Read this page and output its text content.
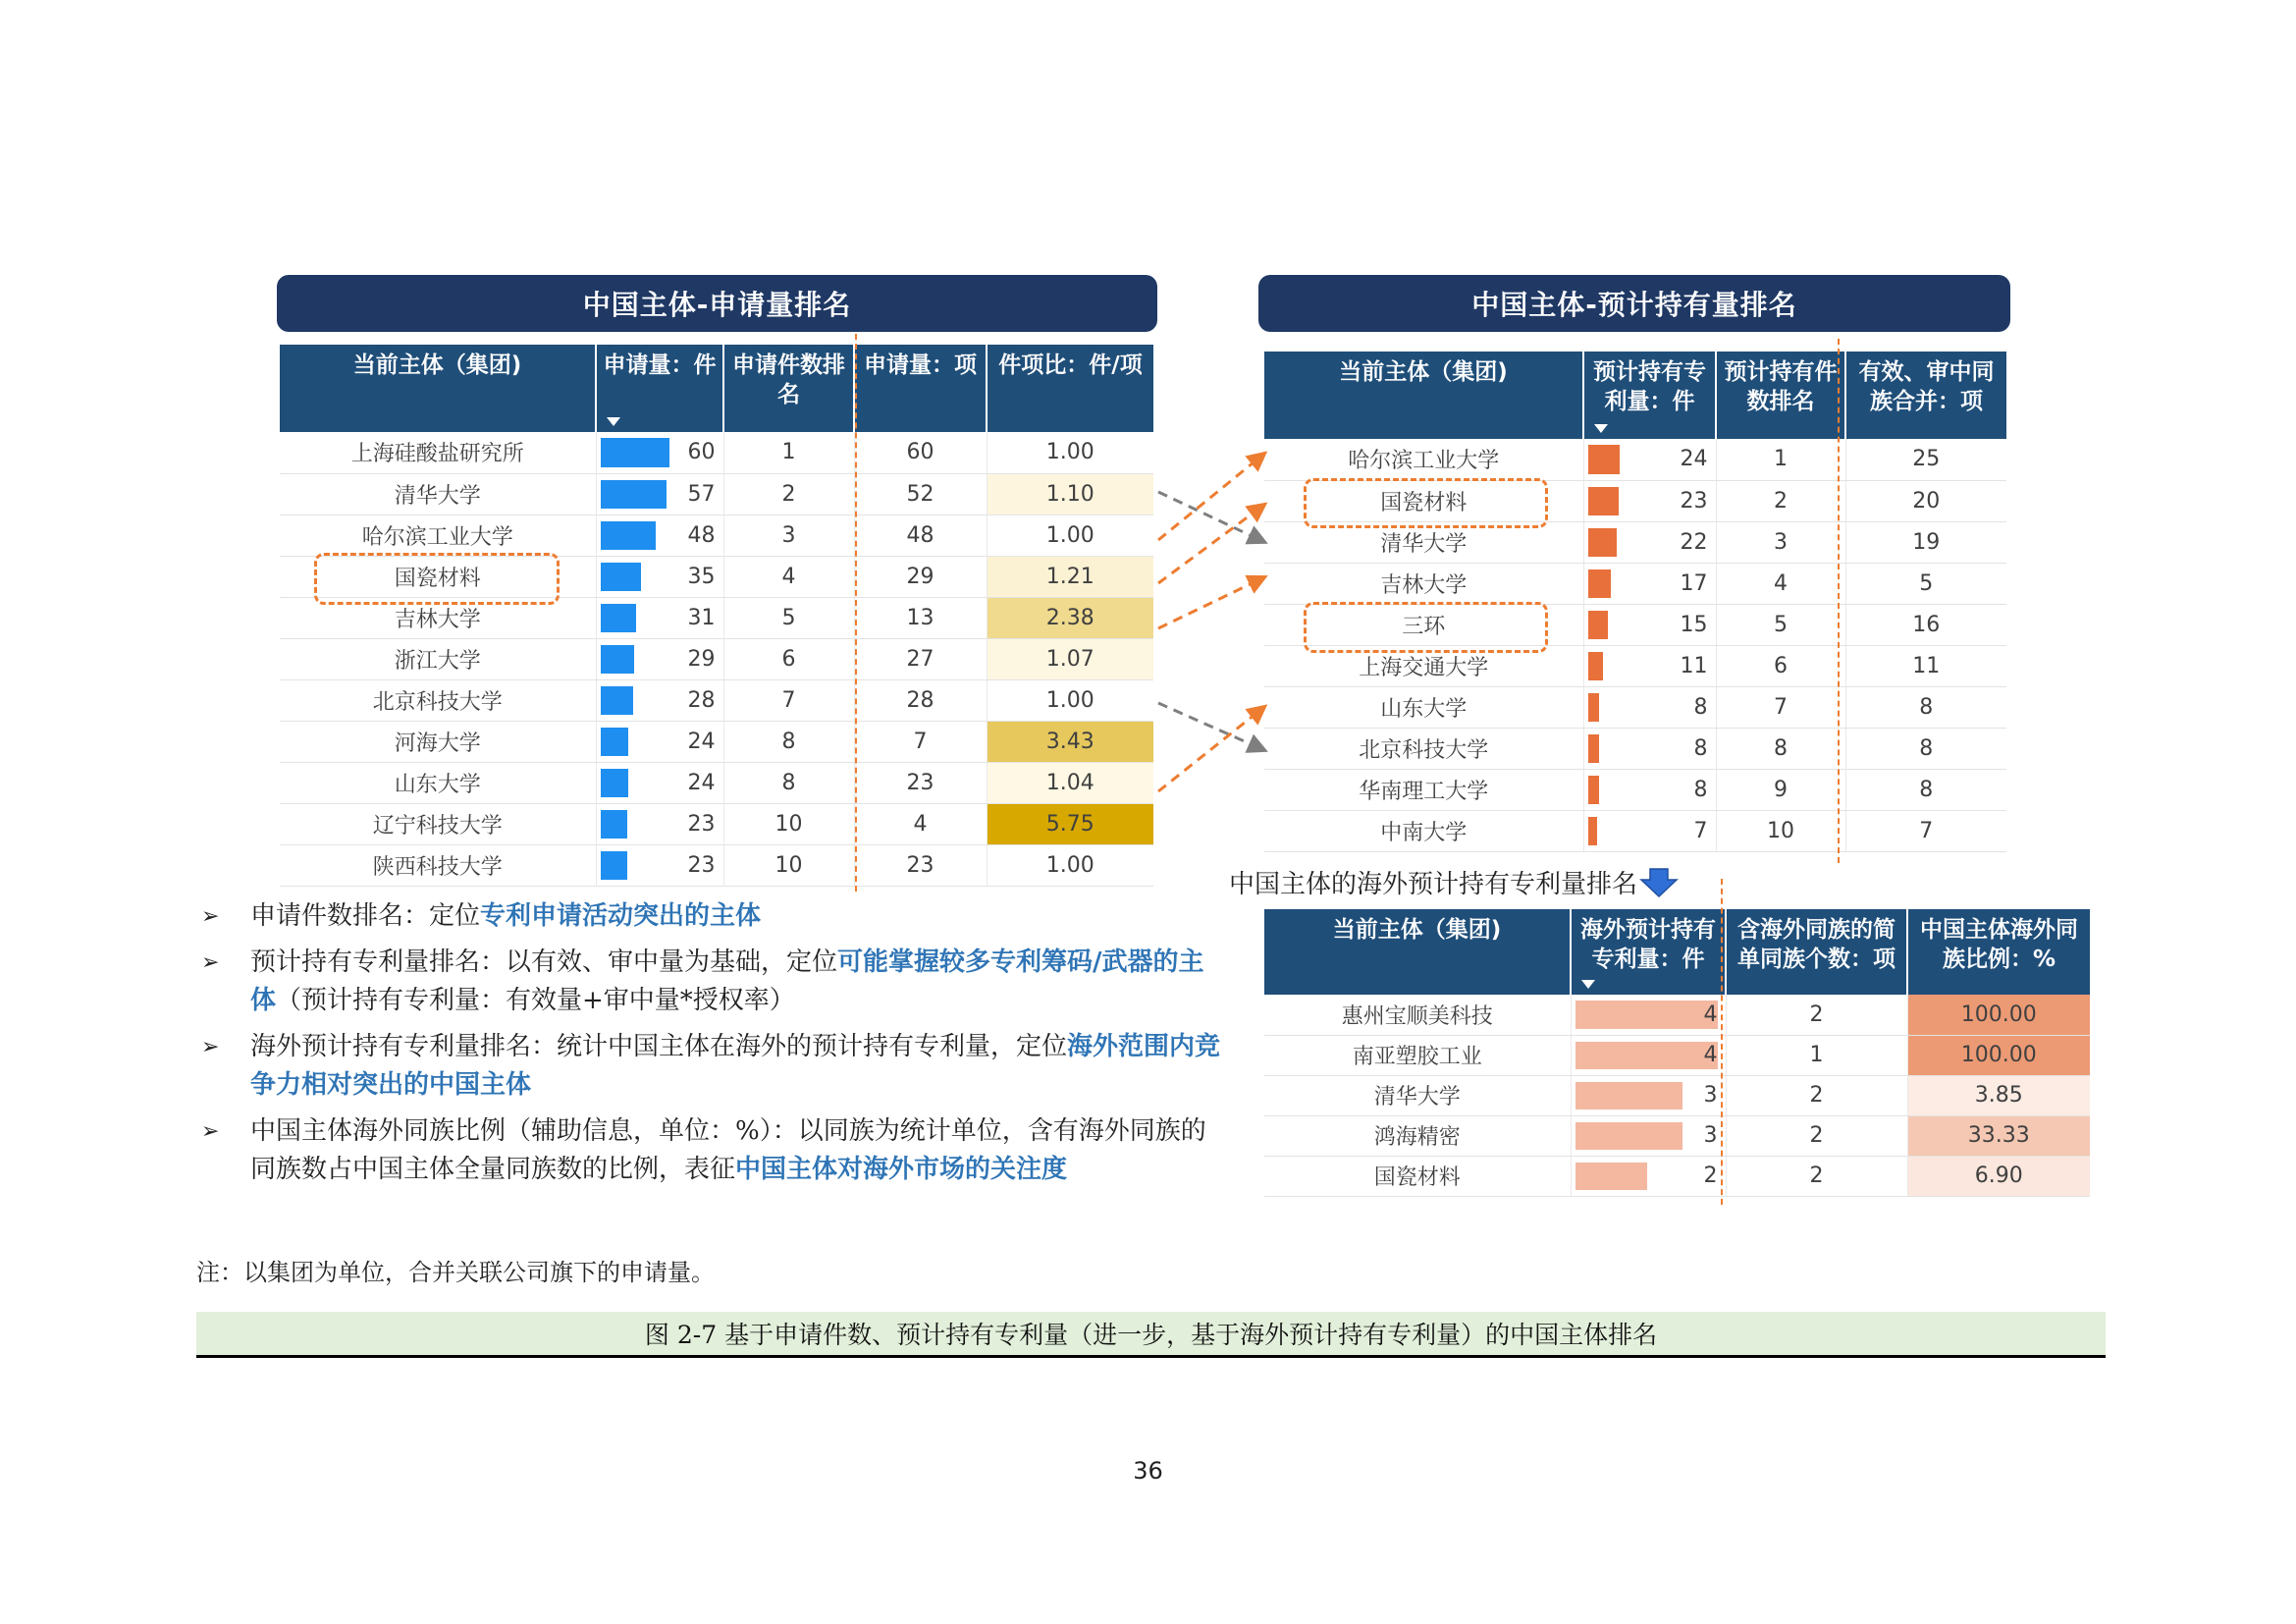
中国主体-申请量排名
当前主体（集团)	申请量：件	申请件数排名	申请量：项	件项比：件/项
上海硅酸盐研究所	60	1	60	1.00
清华大学	57	2	52	1.10
哈尔滨工业大学	48	3	48	1.00
国瓷材料	35	4	29	1.21
吉林大学	31	5	13	2.38
浙江大学	29	6	27	1.07
北京科技大学	28	7	28	1.00
河海大学	24	8	7	3.43
山东大学	24	8	23	1.04
辽宁科技大学	23	10	4	5.75
陕西科技大学	23	10	23	1.00
中国主体-预计持有量排名
当前主体（集团)	预计持有专利量：件	预计持有件数排名	有效、审中同族合并：项
哈尔滨工业大学	24	1	25
国瓷材料	23	2	20
清华大学	22	3	19
吉林大学	17	4	5
三环	15	5	16
上海交通大学	11	6	11
山东大学	8	7	8
北京科技大学	8	8	8
华南理工大学	8	9	8
中南大学	7	10	7
中国主体的海外预计持有专利量排名
当前主体（集团)	海外预计持有专利量：件	含海外同族的简单同族个数：项	中国主体海外同族比例：%
惠州宝顺美科技	4	2	100.00
南亚塑胶工业	4	1	100.00
清华大学	3	2	3.85
鸿海精密	3	2	33.33
国瓷材料	2	2	6.90
➢ 申请件数排名：定位专利申请活动突出的主体
➢ 预计持有专利量排名：以有效、审中量为基础，定位可能掌握较多专利筹码/武器的主体（预计持有专利量：有效量+审中量*授权率）
➢ 海外预计持有专利量排名：统计中国主体在海外的预计持有专利量，定位海外范围内竞争力相对突出的中国主体
➢ 中国主体海外同族比例（辅助信息，单位：%）：以同族为统计单位，含有海外同族的同族数占中国主体全量同族数的比例，表征中国主体对海外市场的关注度
注：以集团为单位，合并关联公司旗下的申请量。
图 2-7 基于申请件数、预计持有专利量（进一步，基于海外预计持有专利量）的中国主体排名
36
